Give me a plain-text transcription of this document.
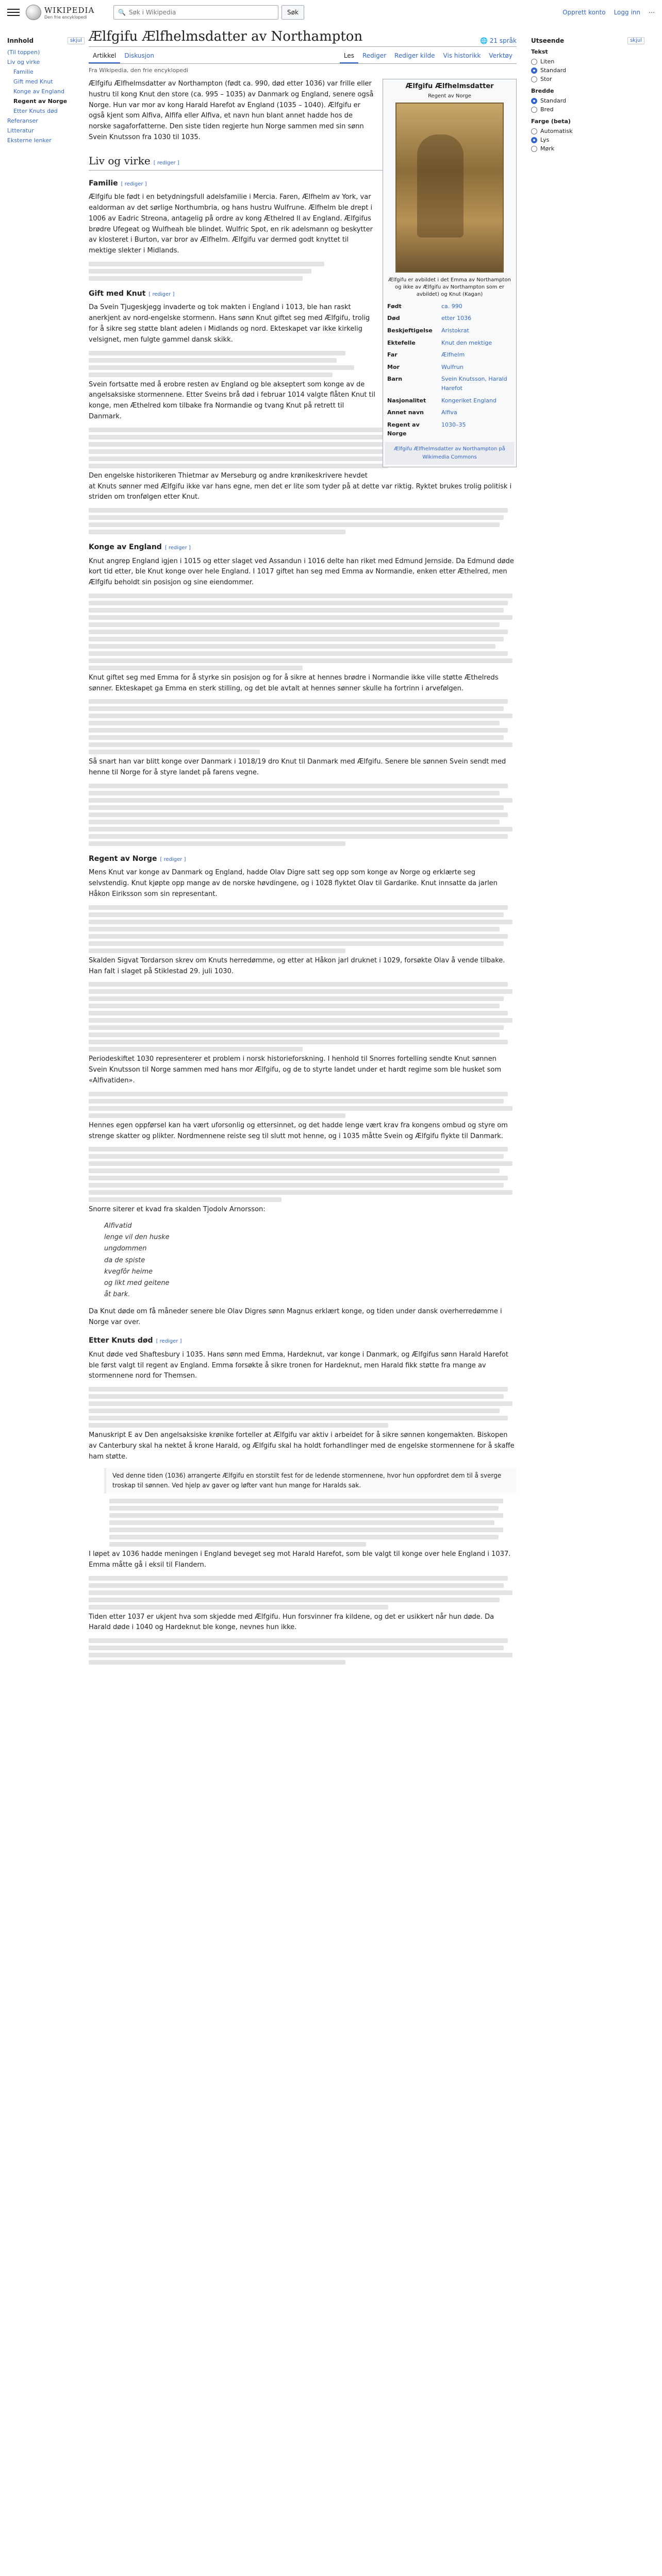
WIKIPEDIA
Den frie encyklopedi
🔍 Søk i Wikipedia	Søk	Opprett konto Logg inn ⋯
Innhold	skjul
(Til toppen)
Liv og virke
Familie
Gift med Knut
Konge av England
Regent av Norge
Etter Knuts død
Referanser
Litteratur
Eksterne lenker
Ælfgifu Ælfhelmsdatter av Northampton	🌐 21 språk
Artikkel	Diskusjon	Les	Rediger	Rediger kilde	Vis historikk	Verktøy
Fra Wikipedia, den frie encyklopedi
Ælfgifu Ælfhelmsdatter
Regent av Norge
Ælfgifu er avbildet i det Emma av Northampton og ikke av Ælfgifu av Northampton som er avbildet) og Knut (Kagan)
Født	ca. 990
Død	etter 1036
Beskjeftigelse	Aristokrat
Ektefelle	Knut den mektige
Far	Ælfhelm
Mor	Wulfrun
Barn	Svein Knutsson, Harald Harefot
Nasjonalitet	Kongeriket England
Annet navn	Alfiva
Regent av Norge	1030–35
Ælfgifu Ælfhelmsdatter av Northampton på Wikimedia Commons

Ælfgifu Ælfhelmsdatter av Northampton (født ca. 990, død etter 1036) var frille eller hustru til kong Knut den store (ca. 995 – 1035) av Danmark og England, senere også Norge. Hun var mor av kong Harald Harefot av England (1035 – 1040). Ælfgifu er også kjent som Alfiva, Alfifa eller Alfiva, et navn hun blant annet hadde hos de norske sagaforfatterne. Den siste tiden regjerte hun Norge sammen med sin sønn Svein Knutsson fra 1030 til 1035.

Liv og virke [ rediger ]
Familie [ rediger ]

Ælfgifu ble født i en betydningsfull adelsfamilie i Mercia. Faren, Ælfhelm av York, var ealdorman av det sørlige Northumbria, og hans hustru Wulfrune. Ælfhelm ble drept i 1006 av Eadric Streona, antagelig på ordre av kong Æthelred II av England. Ælfgifus brødre Ufegeat og Wulfheah ble blindet. Wulfric Spot, en rik adelsmann og beskytter av klosteret i Burton, var bror av Ælfhelm. Ælfgifu var dermed godt knyttet til mektige slekter i Midlands.

Gift med Knut [ rediger ]

Da Svein Tjugeskjegg invaderte og tok makten i England i 1013, ble han raskt anerkjent av nord-engelske stormenn. Hans sønn Knut giftet seg med Ælfgifu, trolig for å sikre seg støtte blant adelen i Midlands og nord. Ekteskapet var ikke kirkelig velsignet, men fulgte gammel dansk skikk.

Svein fortsatte med å erobre resten av England og ble akseptert som konge av de angelsaksiske stormennene. Etter Sveins brå død i februar 1014 valgte flåten Knut til konge, men Æthelred kom tilbake fra Normandie og tvang Knut på retrett til Danmark.

Den engelske historikeren Thietmar av Merseburg og andre krønikeskrivere hevdet at Knuts sønner med Ælfgifu ikke var hans egne, men det er lite som tyder på at dette var riktig. Ryktet brukes trolig politisk i striden om tronfølgen etter Knut.

Konge av England [ rediger ]

Knut angrep England igjen i 1015 og etter slaget ved Assandun i 1016 delte han riket med Edmund Jernside. Da Edmund døde kort tid etter, ble Knut konge over hele England. I 1017 giftet han seg med Emma av Normandie, enken etter Æthelred, men Ælfgifu beholdt sin posisjon og sine eiendommer.

Knut giftet seg med Emma for å styrke sin posisjon og for å sikre at hennes brødre i Normandie ikke ville støtte Æthelreds sønner. Ekteskapet ga Emma en sterk stilling, og det ble avtalt at hennes sønner skulle ha fortrinn i arvefølgen.

Så snart han var blitt konge over Danmark i 1018/19 dro Knut til Danmark med Ælfgifu. Senere ble sønnen Svein sendt med henne til Norge for å styre landet på farens vegne.

Regent av Norge [ rediger ]

Mens Knut var konge av Danmark og England, hadde Olav Digre satt seg opp som konge av Norge og erklærte seg selvstendig. Knut kjøpte opp mange av de norske høvdingene, og i 1028 flyktet Olav til Gardarike. Knut innsatte da jarlen Håkon Eiriksson som sin representant.

Skalden Sigvat Tordarson skrev om Knuts herredømme, og etter at Håkon jarl druknet i 1029, forsøkte Olav å vende tilbake. Han falt i slaget på Stiklestad 29. juli 1030.

Periodeskiftet 1030 representerer et problem i norsk historieforskning. I henhold til Snorres fortelling sendte Knut sønnen Svein Knutsson til Norge sammen med hans mor Ælfgifu, og de to styrte landet under et hardt regime som ble husket som «Alfivatiden».

Hennes egen oppførsel kan ha vært uforsonlig og ettersinnet, og det hadde lenge vært krav fra kongens ombud og styre om strenge skatter og plikter. Nordmennene reiste seg til slutt mot henne, og i 1035 måtte Svein og Ælfgifu flykte til Danmark.

Snorre siterer et kvad fra skalden Tjodolv Arnorsson:

Alfivatid
lenge vil den huske
ungdommen
da de spiste
kvegfôr heime
og likt med geitene
åt bark.

Da Knut døde om få måneder senere ble Olav Digres sønn Magnus erklært konge, og tiden under dansk overherredømme i Norge var over.

Etter Knuts død [ rediger ]

Knut døde ved Shaftesbury i 1035. Hans sønn med Emma, Hardeknut, var konge i Danmark, og Ælfgifus sønn Harald Harefot ble først valgt til regent av England. Emma forsøkte å sikre tronen for Hardeknut, men Harald fikk støtte fra mange av stormennene nord for Themsen.

Manuskript E av Den angelsaksiske krønike forteller at Ælfgifu var aktiv i arbeidet for å sikre sønnen kongemakten. Biskopen av Canterbury skal ha nektet å krone Harald, og Ælfgifu skal ha holdt forhandlinger med de engelske stormennene for å skaffe ham støtte.

Ved denne tiden (1036) arrangerte Ælfgifu en storstilt fest for de ledende stormennene, hvor hun oppfordret dem til å sverge troskap til sønnen. Ved hjelp av gaver og løfter vant hun mange for Haralds sak.

I løpet av 1036 hadde meningen i England beveget seg mot Harald Harefot, som ble valgt til konge over hele England i 1037. Emma måtte gå i eksil til Flandern.

Tiden etter 1037 er ukjent hva som skjedde med Ælfgifu. Hun forsvinner fra kildene, og det er usikkert når hun døde. Da Harald døde i 1040 og Hardeknut ble konge, nevnes hun ikke.

Utseende	skjul
Tekst
Liten
Standard
Stor
Bredde
Standard
Bred
Farge (beta)
Automatisk
Lys
Mørk
